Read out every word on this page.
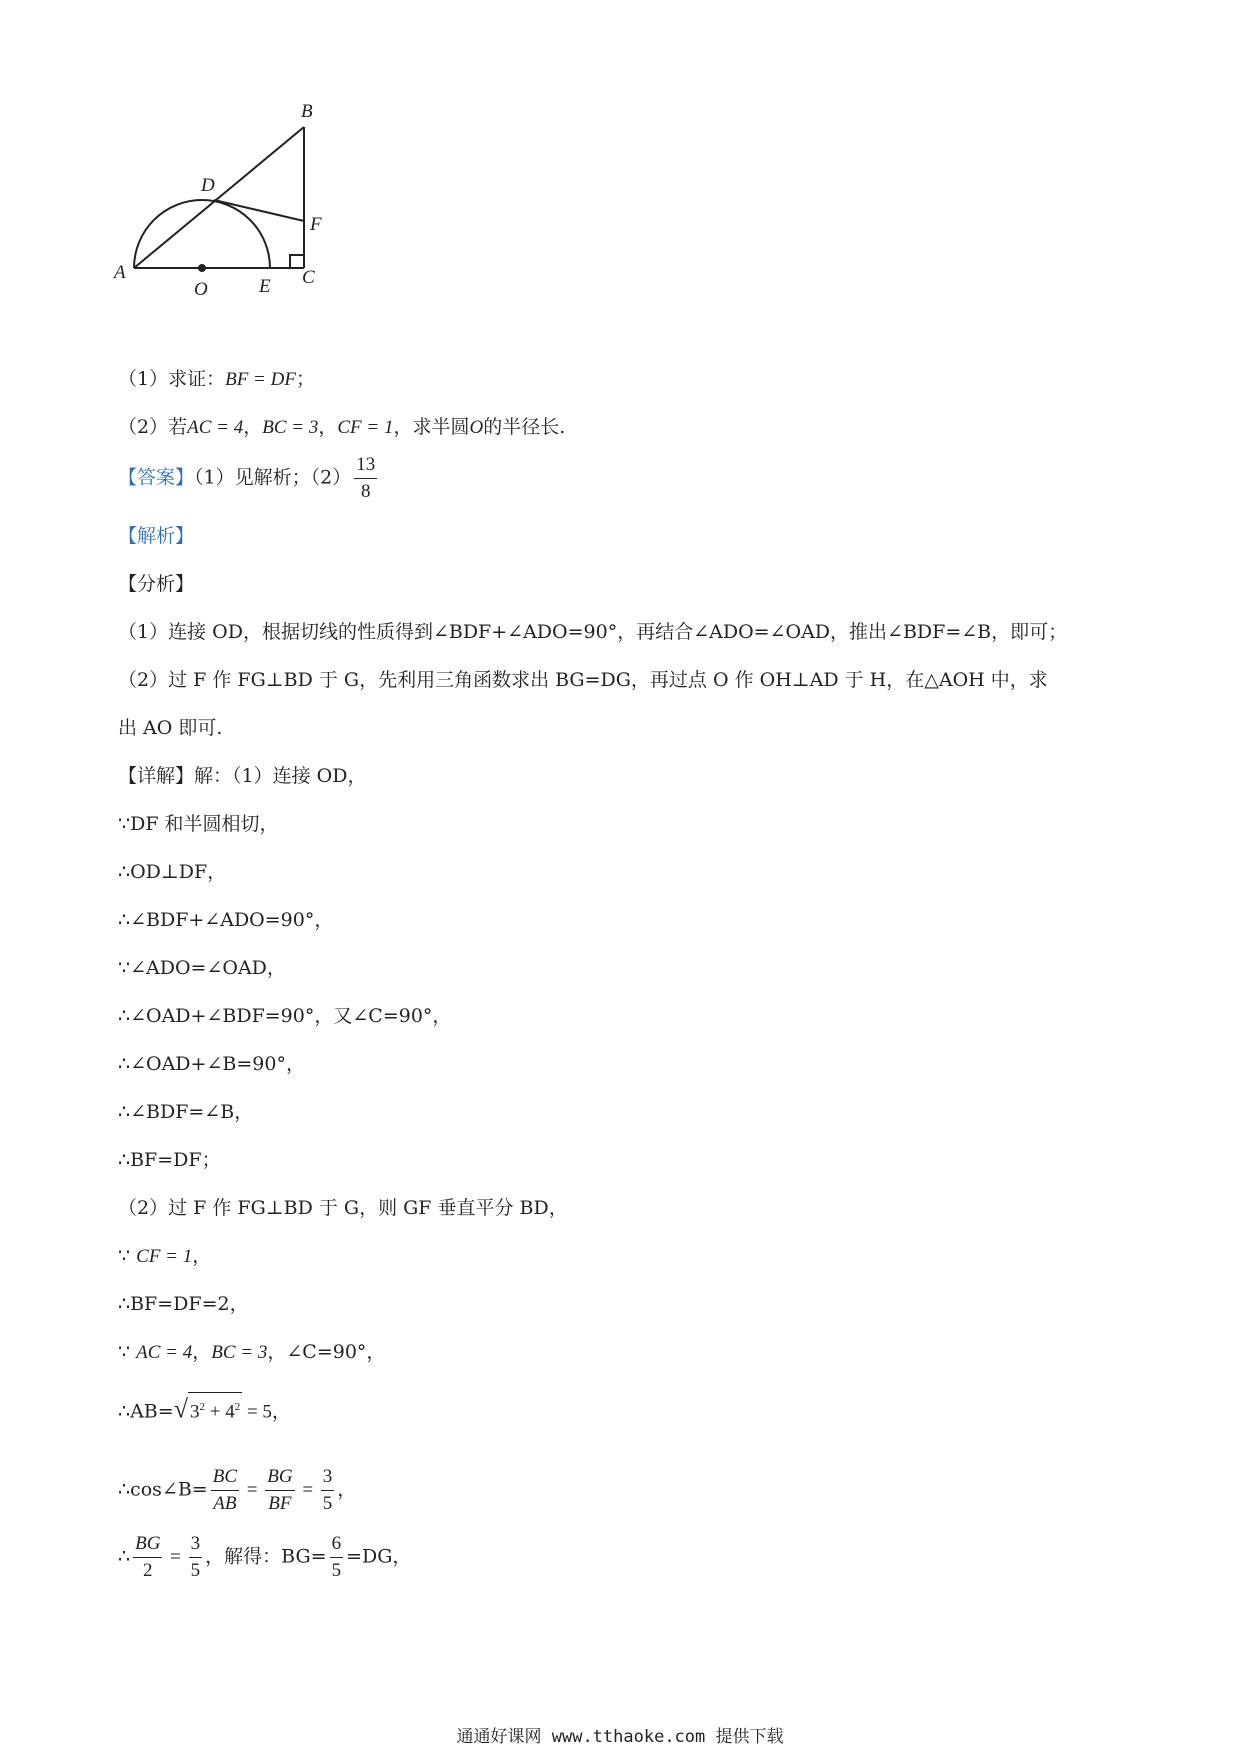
B
D
F
A
O	E C
（1）求证：BF = DF；
（2）若AC = 4，BC = 3，CF = 1，求半圆O的半径长.
【答案】（1）见解析；$(2) \frac{13}{8}$
【解析】
【分析】
（1）连接 OD，根据切线的性质得到∠BDF+∠ADO=90°，再结合∠ADO=∠OAD，推出∠BDF=∠B，即可；
（2）过 F 作 FG⊥BD 于 G，先利用三角函数求出 BG=DG，再过点 O 作 OH⊥AD 于 H，在△AOH 中，求
出 AO 即可.
【详解】解：（1）连接 OD，
∵DF 和半圆相切，
∴OD⊥DF，
∴∠BDF+∠ADO=90°，
∵∠ADO=∠OAD，
∴∠OAD+∠BDF=90°，又∠C=90°，
∴∠OAD+∠B=90°，
∴∠BDF=∠B，
∴BF=DF；
（2）过 F 作 FG⊥BD 于 G，则 GF 垂直平分 BD，
∵ CF = 1，
∴BF=DF=2，
∵ AC = 4，BC = 3，∠C=90°，
∴AB=√ $3^2 + 4^2 = 5$，
∴cos∠B= $\frac{BC}{AB} = \frac{BG}{BF} = \frac{3}{5}$ ，
∴ $\frac{BG}{2} = \frac{3}{5}$ ，解得：$BG= \frac{6}{5} =DG$，
通通好课网 www.tthaoke.com 提供下载
